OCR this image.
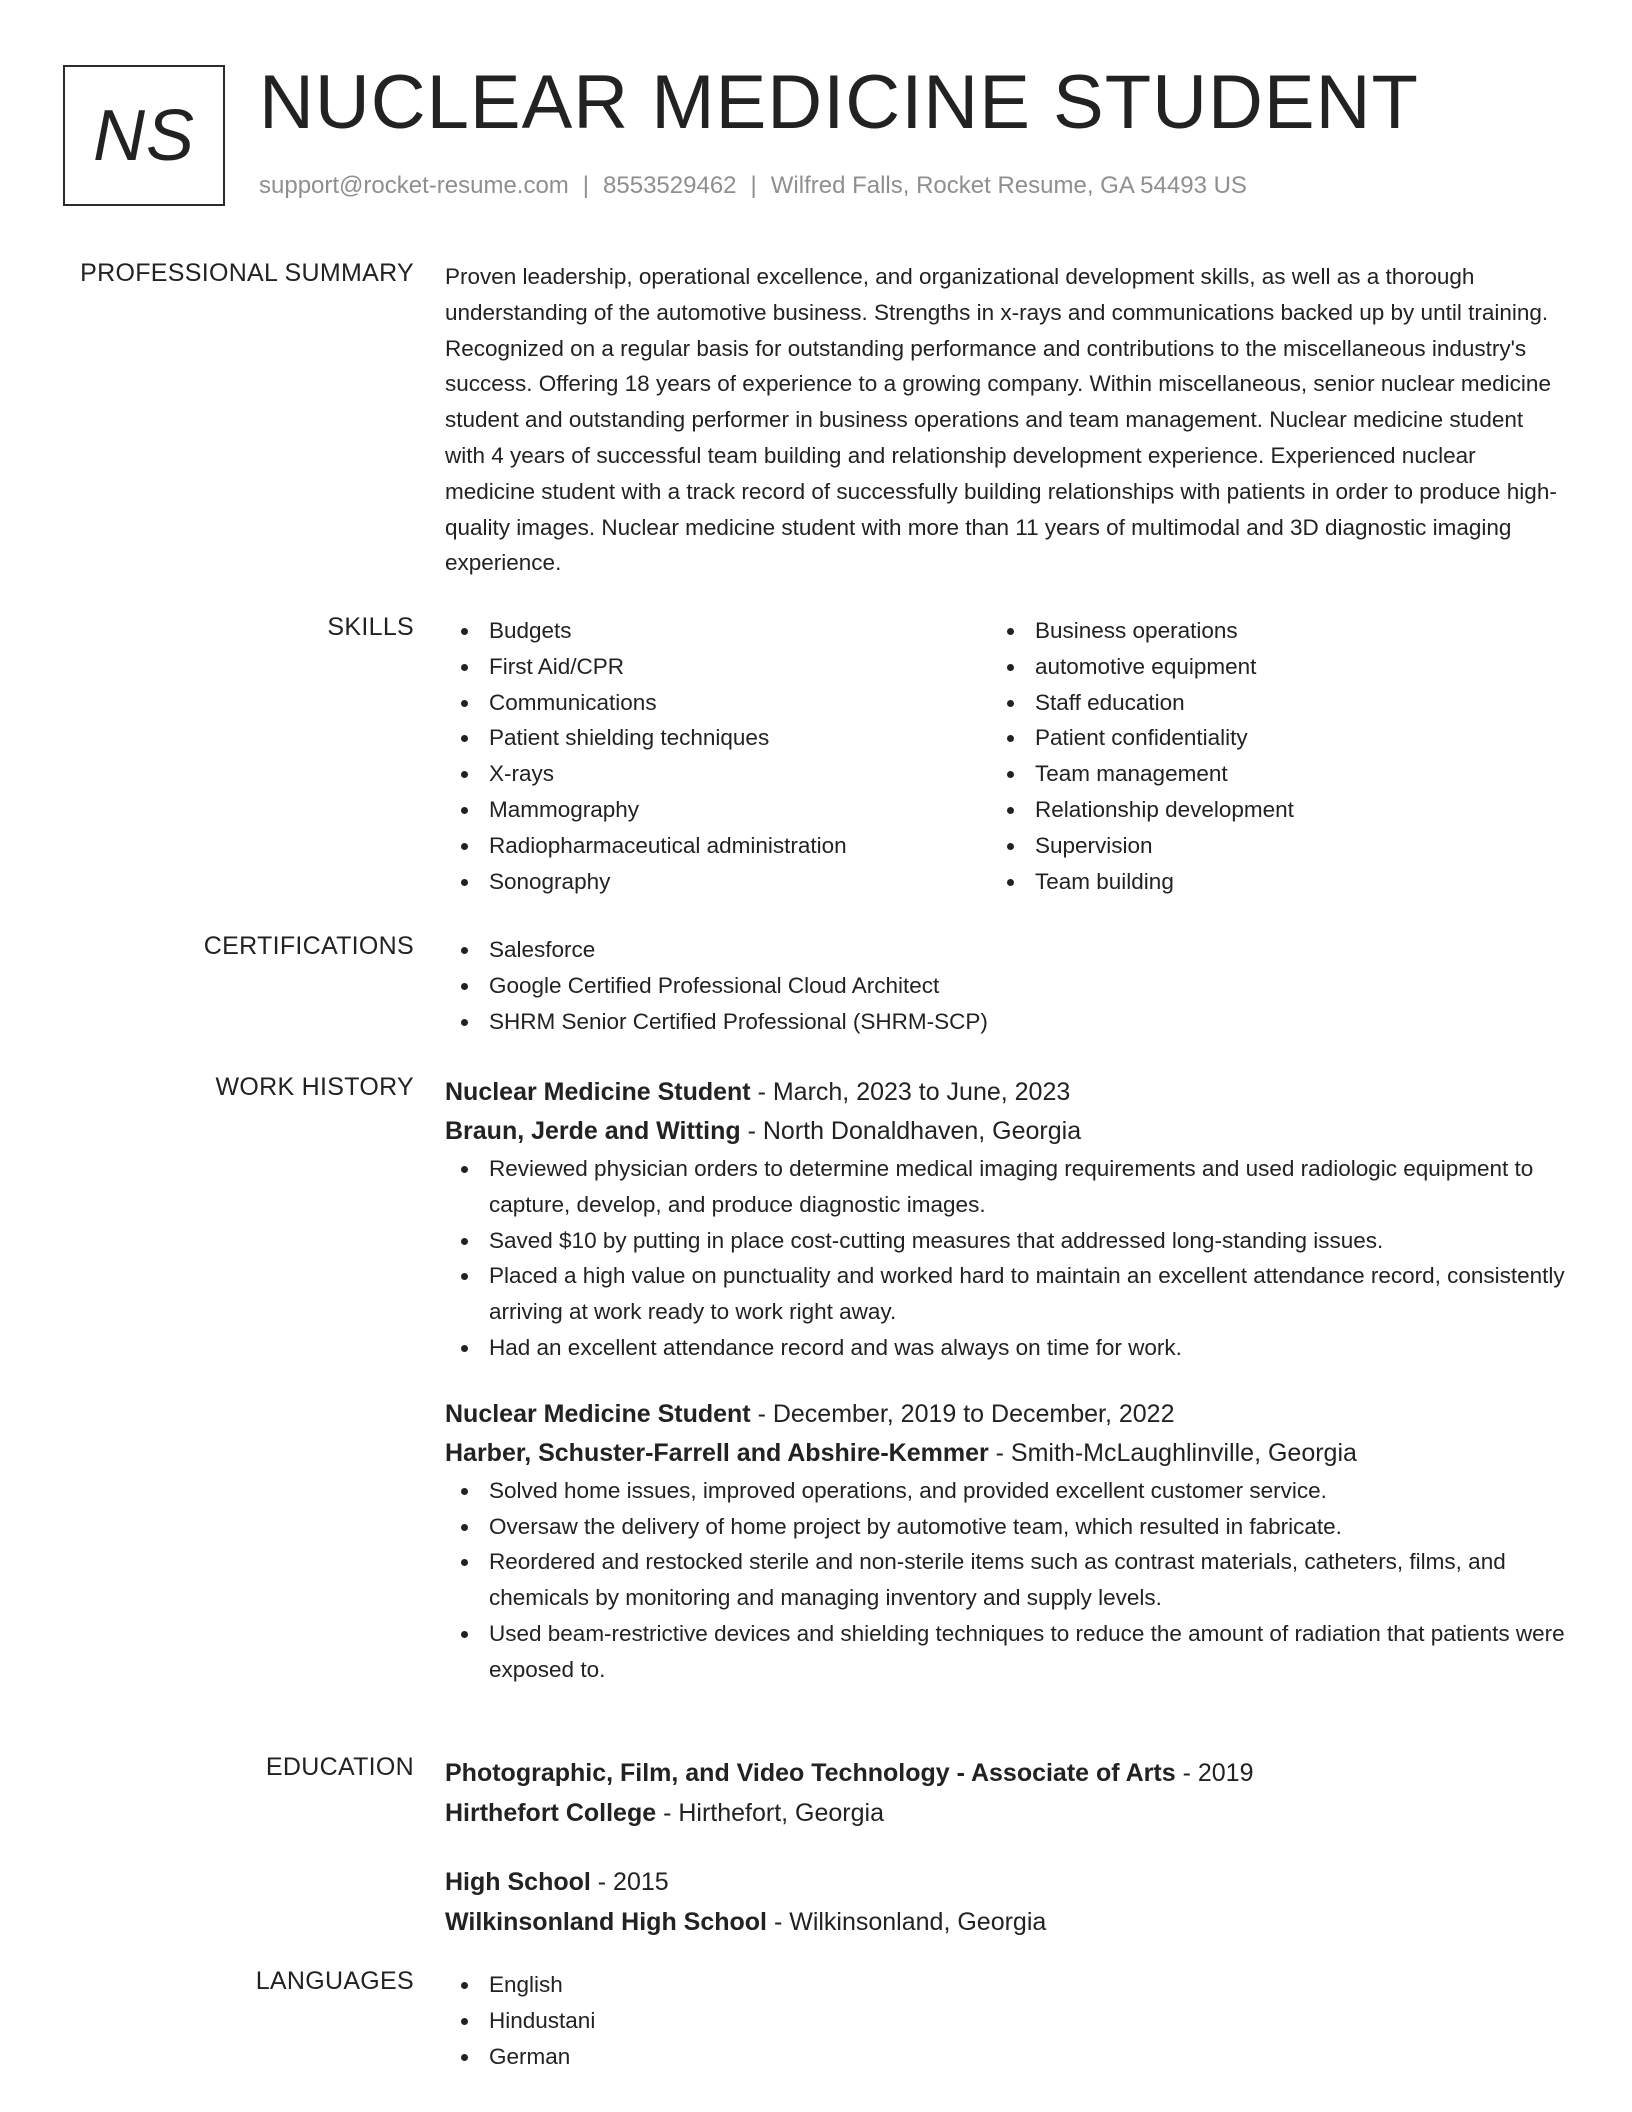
NS NUCLEAR MEDICINE STUDENT
support@rocket-resume.com | 8553529462 | Wilfred Falls, Rocket Resume, GA 54493 US
PROFESSIONAL SUMMARY Proven leadership, operational excellence, and organizational development skills, as well as a thorough understanding of the automotive business. Strengths in x-rays and communications backed up by until training. Recognized on a regular basis for outstanding performance and contributions to the miscellaneous industry's success. Offering 18 years of experience to a growing company. Within miscellaneous, senior nuclear medicine student and outstanding performer in business operations and team management. Nuclear medicine student with 4 years of successful team building and relationship development experience. Experienced nuclear medicine student with a track record of successfully building relationships with patients in order to produce high-quality images. Nuclear medicine student with more than 11 years of multimodal and 3D diagnostic imaging experience.

SKILLS	Budgets
First Aid/CPR
Communications
Patient shielding techniques
X-rays
Mammography
Radiopharmaceutical administration
Sonography
Business operations
automotive equipment
Staff education
Patient confidentiality
Team management
Relationship development
Supervision
Team building
CERTIFICATIONS	Salesforce
Google Certified Professional Cloud Architect
SHRM Senior Certified Professional (SHRM-SCP)
WORK HISTORY Nuclear Medicine Student - March, 2023 to June, 2023
Braun, Jerde and Witting - North Donaldhaven, Georgia
Reviewed physician orders to determine medical imaging requirements and used radiologic equipment to capture, develop, and produce diagnostic images.
Saved $10 by putting in place cost-cutting measures that addressed long-standing issues.
Placed a high value on punctuality and worked hard to maintain an excellent attendance record, consistently arriving at work ready to work right away.
Had an excellent attendance record and was always on time for work.
Nuclear Medicine Student - December, 2019 to December, 2022
Harber, Schuster-Farrell and Abshire-Kemmer - Smith-McLaughlinville, Georgia
Solved home issues, improved operations, and provided excellent customer service.
Oversaw the delivery of home project by automotive team, which resulted in fabricate.
Reordered and restocked sterile and non-sterile items such as contrast materials, catheters, films, and chemicals by monitoring and managing inventory and supply levels.
Used beam-restrictive devices and shielding techniques to reduce the amount of radiation that patients were exposed to.
EDUCATION Photographic, Film, and Video Technology - Associate of Arts - 2019
Hirthefort College - Hirthefort, Georgia
High School - 2015
Wilkinsonland High School - Wilkinsonland, Georgia
LANGUAGES	English
Hindustani
German
